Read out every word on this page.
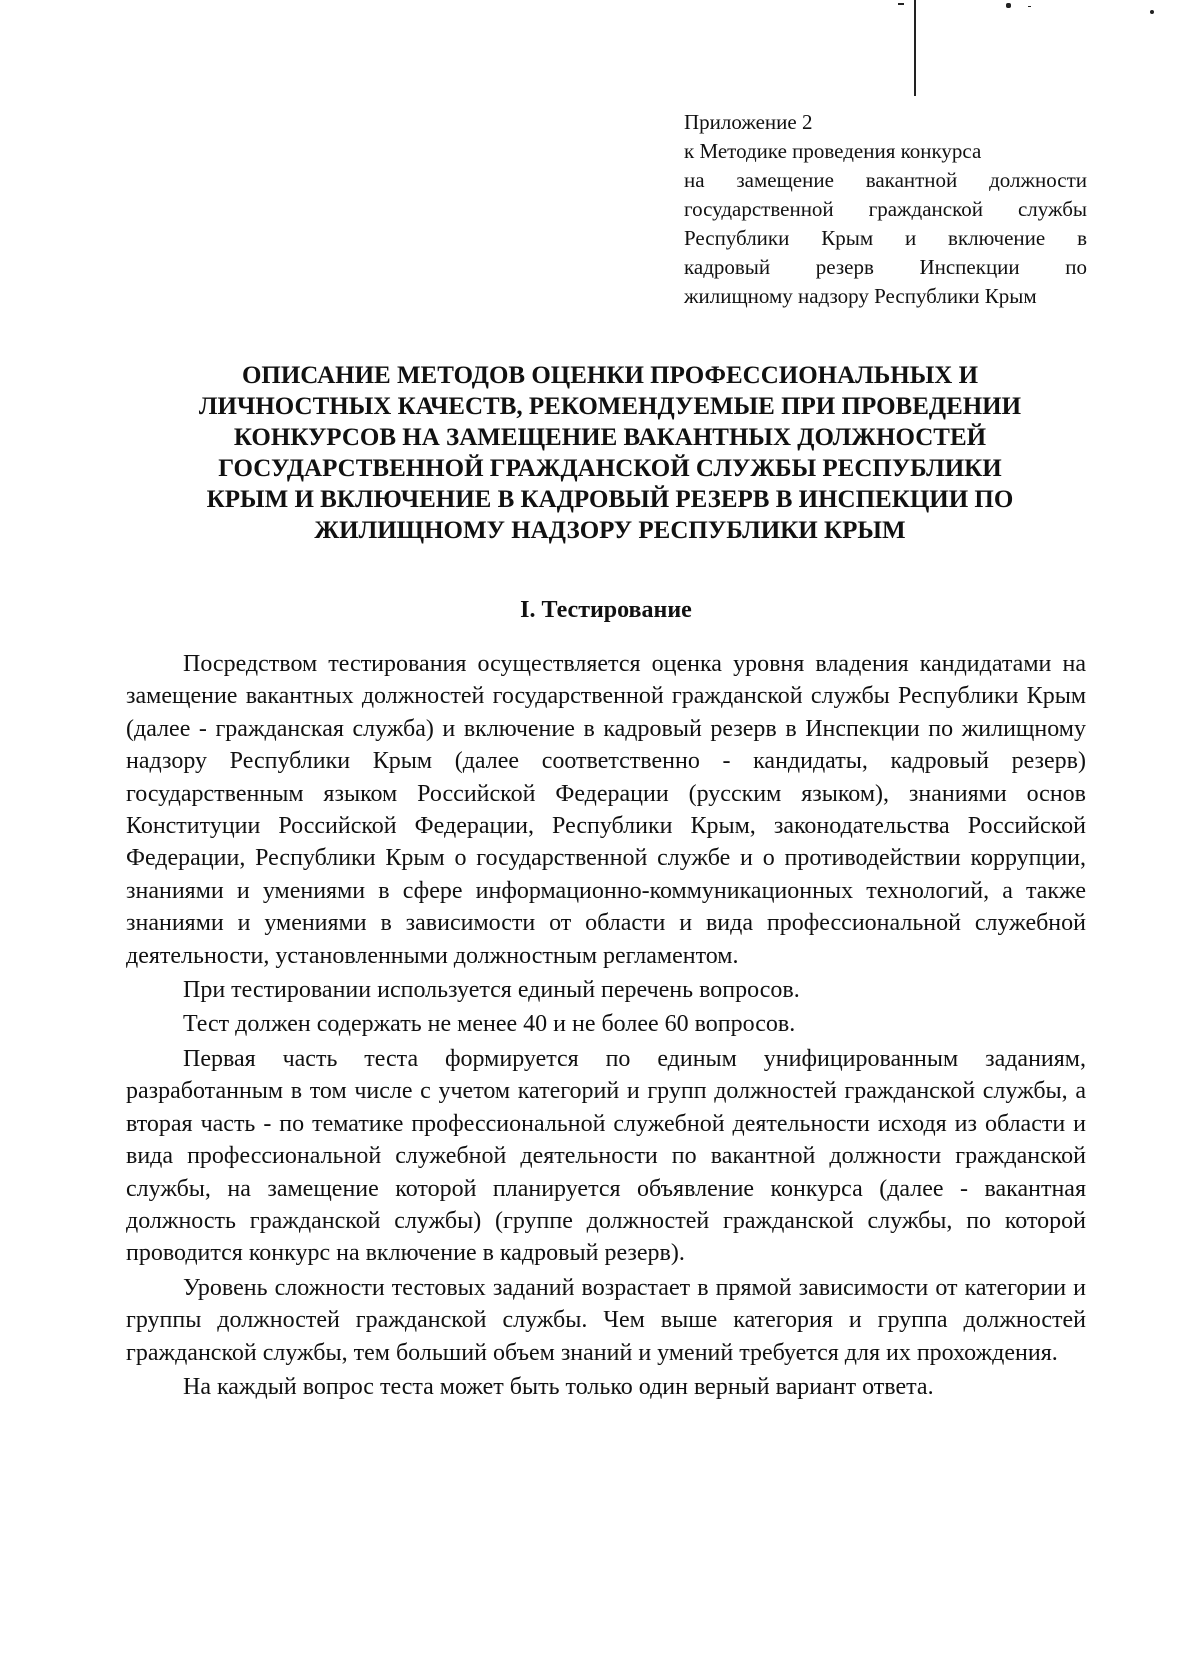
Приложение 2
к Методике проведения конкурса
на замещение вакантной должности
государственной гражданской службы
Республики Крым и включение в
кадровый резерв Инспекции по
жилищному надзору Республики Крым
ОПИСАНИЕ МЕТОДОВ ОЦЕНКИ ПРОФЕССИОНАЛЬНЫХ И
ЛИЧНОСТНЫХ КАЧЕСТВ, РЕКОМЕНДУЕМЫЕ ПРИ ПРОВЕДЕНИИ
КОНКУРСОВ НА ЗАМЕЩЕНИЕ ВАКАНТНЫХ ДОЛЖНОСТЕЙ
ГОСУДАРСТВЕННОЙ ГРАЖДАНСКОЙ СЛУЖБЫ РЕСПУБЛИКИ
КРЫМ И ВКЛЮЧЕНИЕ В КАДРОВЫЙ РЕЗЕРВ В ИНСПЕКЦИИ ПО
ЖИЛИЩНОМУ НАДЗОРУ РЕСПУБЛИКИ КРЫМ
I. Тестирование

Посредством тестирования осуществляется оценка уровня владения кандидатами на замещение вакантных должностей государственной гражданской службы Республики Крым (далее - гражданская служба) и включение в кадровый резерв в Инспекции по жилищному надзору Республики Крым (далее соответственно - кандидаты, кадровый резерв) государственным языком Российской Федерации (русским языком), знаниями основ Конституции Российской Федерации, Республики Крым, законодательства Российской Федерации, Республики Крым о государственной службе и о противодействии коррупции, знаниями и умениями в сфере информационно-коммуникационных технологий, а также знаниями и умениями в зависимости от области и вида профессиональной служебной деятельности, установленными должностным регламентом.

При тестировании используется единый перечень вопросов.

Тест должен содержать не менее 40 и не более 60 вопросов.

Первая часть теста формируется по единым унифицированным заданиям, разработанным в том числе с учетом категорий и групп должностей гражданской службы, а вторая часть - по тематике профессиональной служебной деятельности исходя из области и вида профессиональной служебной деятельности по вакантной должности гражданской службы, на замещение которой планируется объявление конкурса (далее - вакантная должность гражданской службы) (группе должностей гражданской службы, по которой проводится конкурс на включение в кадровый резерв).

Уровень сложности тестовых заданий возрастает в прямой зависимости от категории и группы должностей гражданской службы. Чем выше категория и группа должностей гражданской службы, тем больший объем знаний и умений требуется для их прохождения.

На каждый вопрос теста может быть только один верный вариант ответа.
